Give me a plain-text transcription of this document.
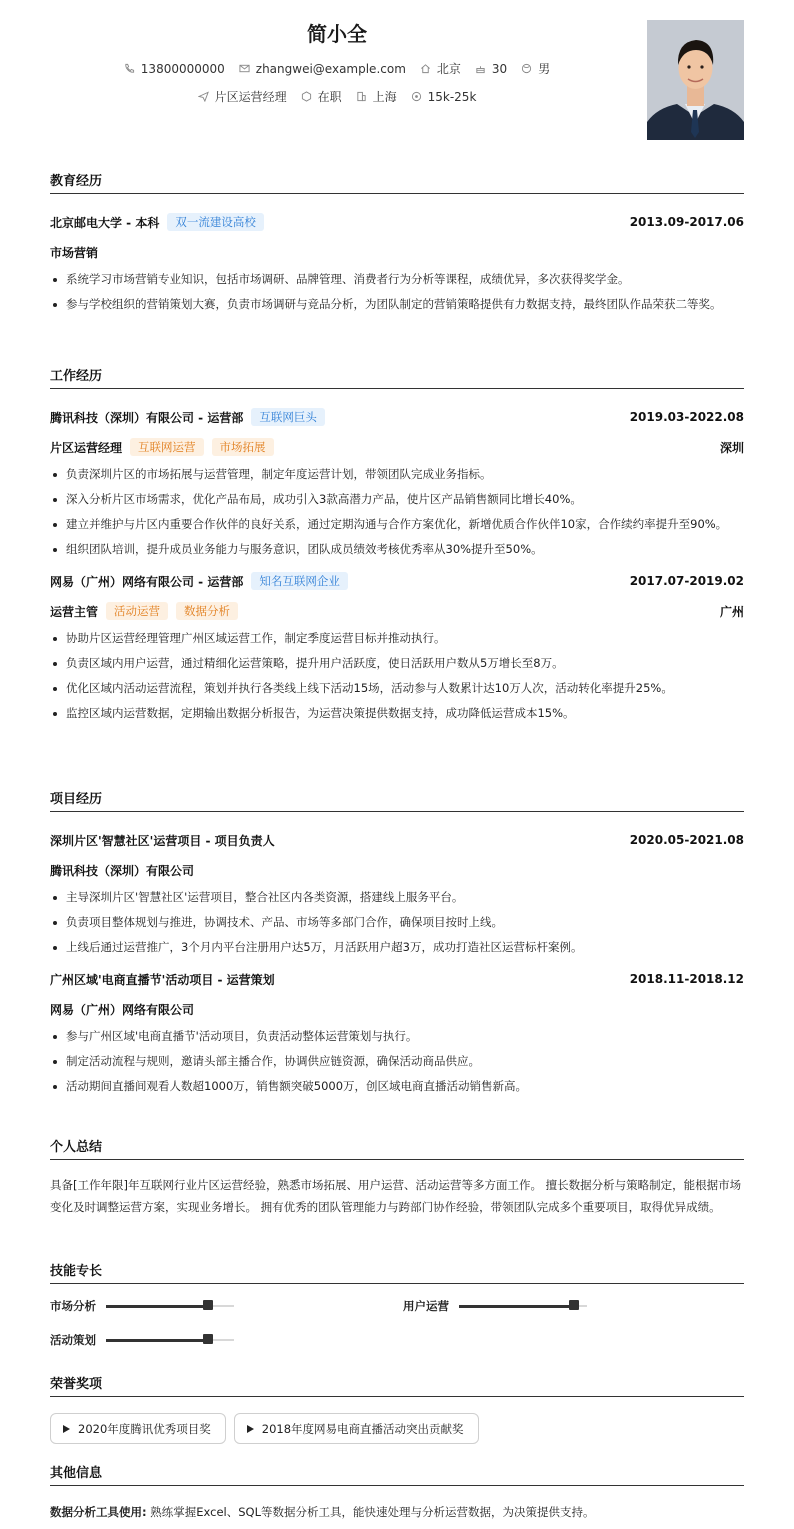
简小全
13800000000	zhangwei@example.com	北京	30	男
片区运营经理	在职	上海	15k-25k
教育经历
北京邮电大学 - 本科	双一流建设高校	2013.09-2017.06
市场营销
系统学习市场营销专业知识，包括市场调研、品牌管理、消费者行为分析等课程，成绩优异，多次获得奖学金。
参与学校组织的营销策划大赛，负责市场调研与竞品分析，为团队制定的营销策略提供有力数据支持，最终团队作品荣获二等奖。
工作经历
腾讯科技（深圳）有限公司 - 运营部	互联网巨头	2019.03-2022.08
片区运营经理	互联网运营	市场拓展	深圳
负责深圳片区的市场拓展与运营管理，制定年度运营计划，带领团队完成业务指标。
深入分析片区市场需求，优化产品布局，成功引入3款高潜力产品，使片区产品销售额同比增长40%。
建立并维护与片区内重要合作伙伴的良好关系，通过定期沟通与合作方案优化，新增优质合作伙伴10家，合作续约率提升至90%。
组织团队培训，提升成员业务能力与服务意识，团队成员绩效考核优秀率从30%提升至50%。
网易（广州）网络有限公司 - 运营部	知名互联网企业	2017.07-2019.02
运营主管	活动运营	数据分析	广州
协助片区运营经理管理广州区域运营工作，制定季度运营目标并推动执行。
负责区域内用户运营，通过精细化运营策略，提升用户活跃度，使日活跃用户数从5万增长至8万。
优化区域内活动运营流程，策划并执行各类线上线下活动15场，活动参与人数累计达10万人次，活动转化率提升25%。
监控区域内运营数据，定期输出数据分析报告，为运营决策提供数据支持，成功降低运营成本15%。
项目经历
深圳片区'智慧社区'运营项目 - 项目负责人	2020.05-2021.08
腾讯科技（深圳）有限公司
主导深圳片区'智慧社区'运营项目，整合社区内各类资源，搭建线上服务平台。
负责项目整体规划与推进，协调技术、产品、市场等多部门合作，确保项目按时上线。
上线后通过运营推广，3个月内平台注册用户达5万，月活跃用户超3万，成功打造社区运营标杆案例。
广州区域'电商直播节'活动项目 - 运营策划	2018.11-2018.12
网易（广州）网络有限公司
参与广州区域'电商直播节'活动项目，负责活动整体运营策划与执行。
制定活动流程与规则，邀请头部主播合作，协调供应链资源，确保活动商品供应。
活动期间直播间观看人数超1000万，销售额突破5000万，创区域电商直播活动销售新高。
个人总结
具备[工作年限]年互联网行业片区运营经验，熟悉市场拓展、用户运营、活动运营等多方面工作。 擅长数据分析与策略制定，能根据市场变化及时调整运营方案，实现业务增长。 拥有优秀的团队管理能力与跨部门协作经验，带领团队完成多个重要项目，取得优异成绩。
技能专长
市场分析	用户运营
活动策划
荣誉奖项
2020年度腾讯优秀项目奖	2018年度网易电商直播活动突出贡献奖
其他信息
数据分析工具使用: 熟练掌握Excel、SQL等数据分析工具，能快速处理与分析运营数据，为决策提供支持。
